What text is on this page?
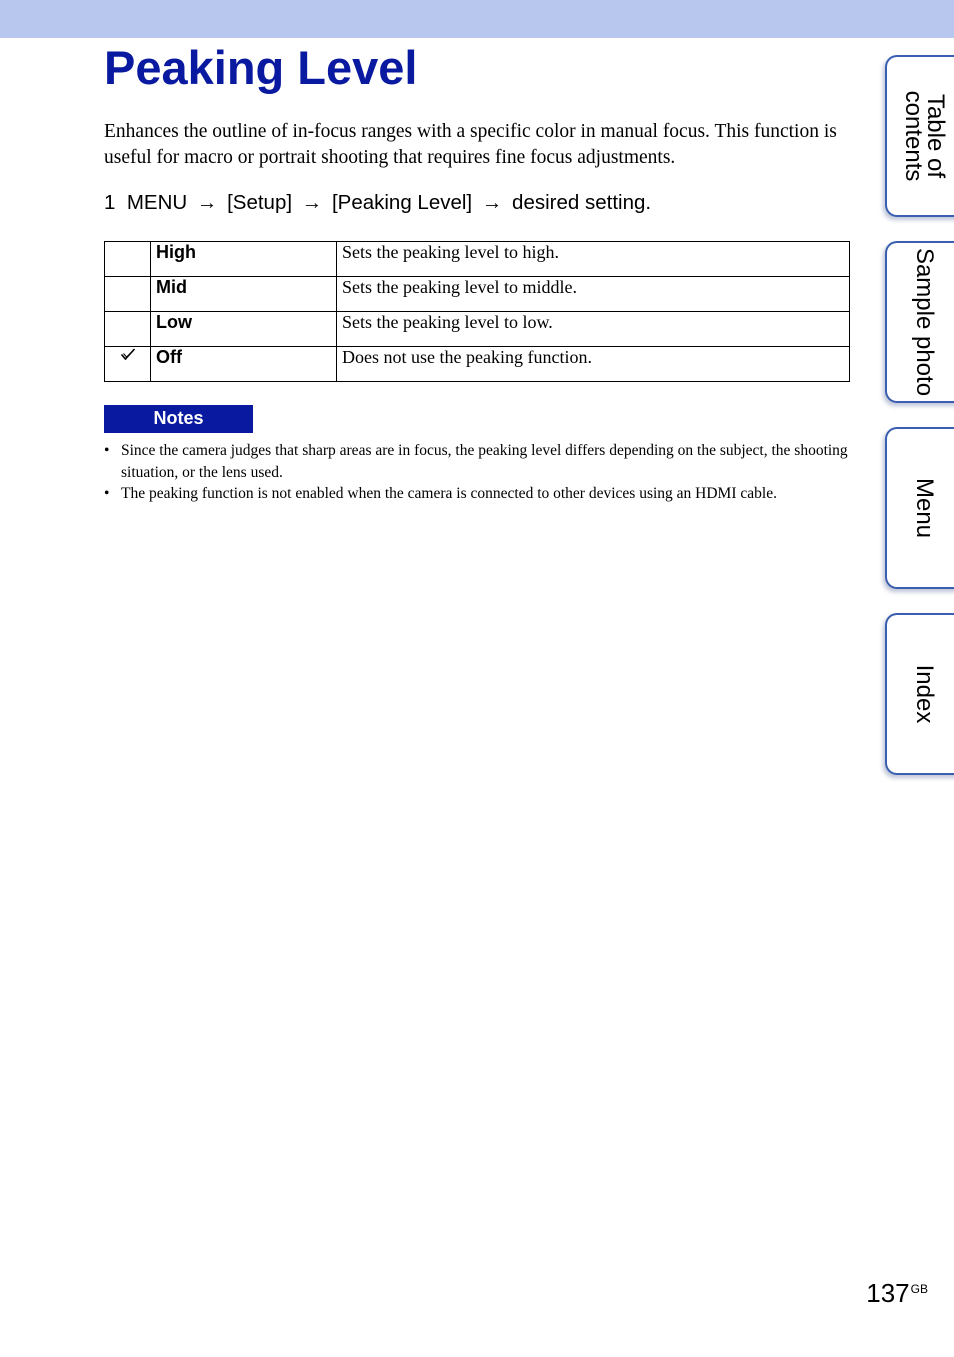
Peaking Level

Enhances the outline of in-focus ranges with a specific color in manual focus. This function is useful for macro or portrait shooting that requires fine focus adjustments.

1 MENU → [Setup] → [Peaking Level] → desired setting.

	High	Sets the peaking level to high.
	Mid	Sets the peaking level to middle.
	Low	Sets the peaking level to low.
	Off	Does not use the peaking function.
Notes
• Since the camera judges that sharp areas are in focus, the peaking level differs depending on the subject, the shooting situation, or the lens used.
• The peaking function is not enabled when the camera is connected to other devices using an HDMI cable.
Table of
contents
Sample photo
Menu
Index
$137^{GB}$
